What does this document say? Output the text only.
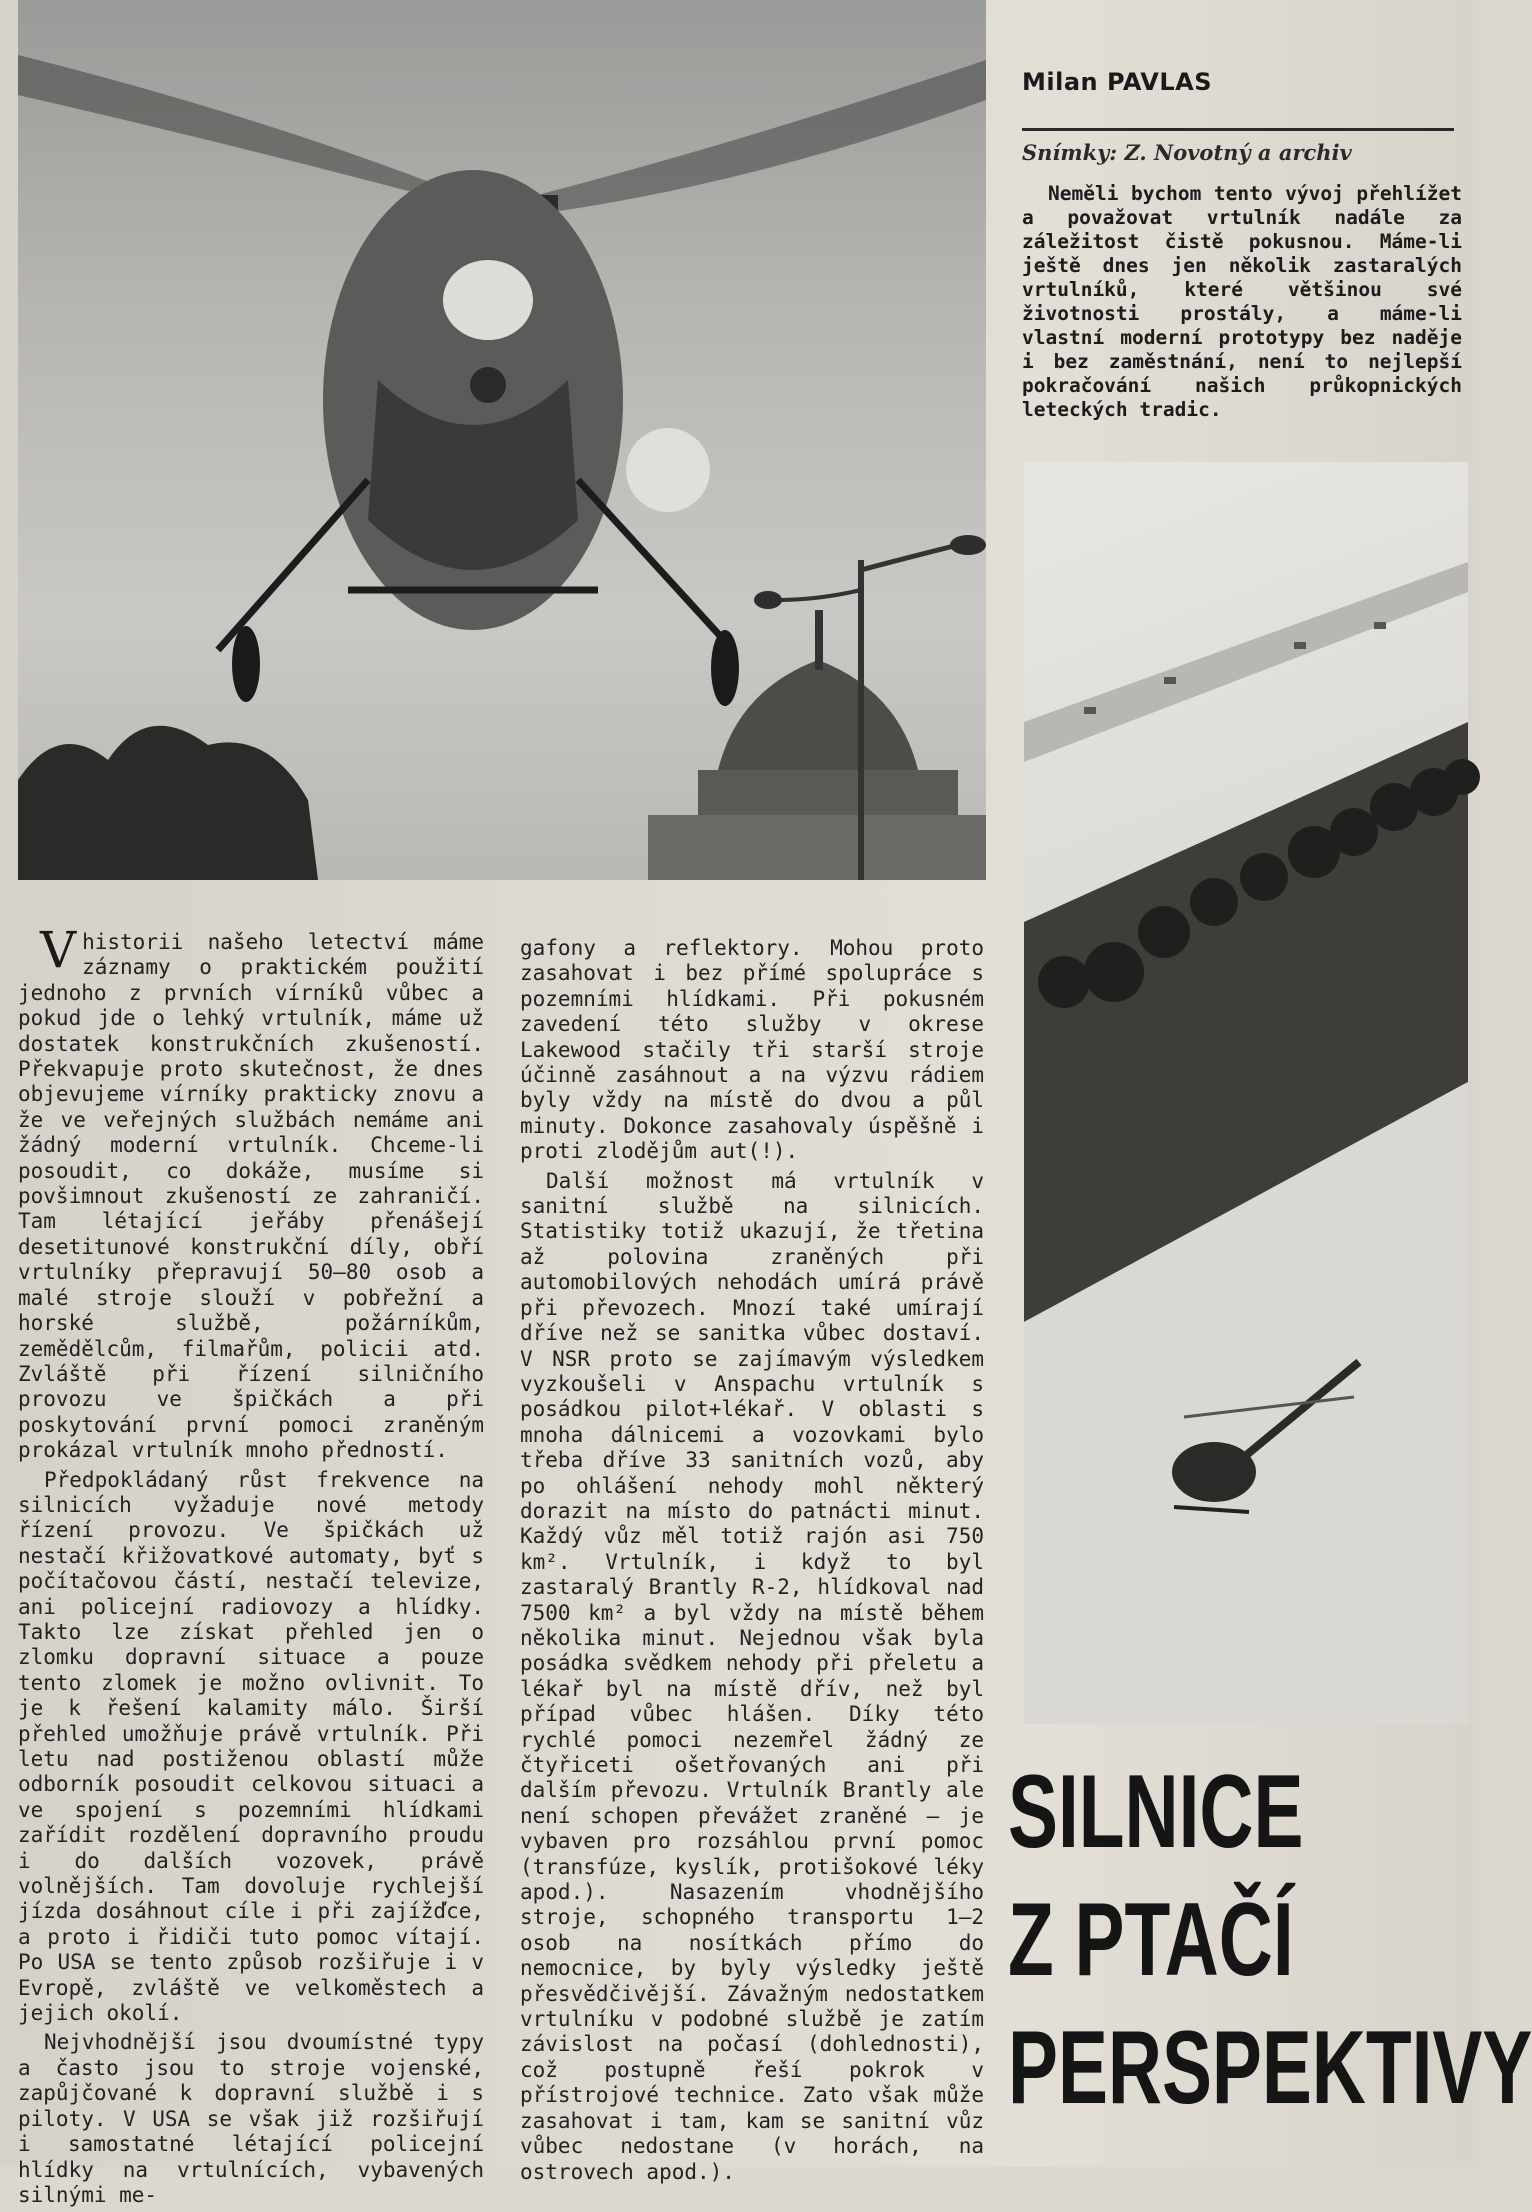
Milan PAVLAS
Snímky: Z. Novotný a archiv
Neměli bychom tento vývoj přehlížet a považovat vrtulník nadále za záležitost čistě pokusnou. Máme-li ještě dnes jen několik zastaralých vrtulníků, které většinou své životnosti prostály, a máme-li vlastní moderní prototypy bez naděje i bez zaměstnání, není to nejlepší pokračování našich průkopnických leteckých tradic.

Vhistorii našeho letectví máme záznamy o praktickém použití jednoho z prvních vírníků vůbec a pokud jde o lehký vrtulník, máme už dostatek konstrukčních zkušeností. Překvapuje proto skutečnost, že dnes objevujeme vírníky prakticky znovu a že ve veřejných službách nemáme ani žádný moderní vrtulník. Chceme-li posoudit, co dokáže, musíme si povšimnout zkušeností ze zahraničí. Tam létající jeřáby přenášejí desetitunové konstrukční díly, obří vrtulníky přepravují 50—80 osob a malé stroje slouží v pobřežní a horské službě, požárníkům, zemědělcům, filmařům, policii atd. Zvláště při řízení silničního provozu ve špičkách a při poskytování první pomoci zraněným prokázal vrtulník mnoho předností.

Předpokládaný růst frekvence na silnicích vyžaduje nové metody řízení provozu. Ve špičkách už nestačí křižovatkové automaty, byť s počítačovou částí, nestačí televize, ani policejní radiovozy a hlídky. Takto lze získat přehled jen o zlomku dopravní situace a pouze tento zlomek je možno ovlivnit. To je k řešení kalamity málo. Širší přehled umožňuje právě vrtulník. Při letu nad postiženou oblastí může odborník posoudit celkovou situaci a ve spojení s pozemními hlídkami zařídit rozdělení dopravního proudu i do dalších vozovek, právě volnějších. Tam dovoluje rychlejší jízda dosáhnout cíle i při zajížďce, a proto i řidiči tuto pomoc vítají. Po USA se tento způsob rozšiřuje i v Evropě, zvláště ve velkoměstech a jejich okolí.

Nejvhodnější jsou dvoumístné typy a často jsou to stroje vojenské, zapůjčované k dopravní službě i s piloty. V USA se však již rozšiřují i samostatné létající policejní hlídky na vrtulnících, vybavených silnými me-

gafony a reflektory. Mohou proto zasahovat i bez přímé spolupráce s pozemními hlídkami. Při pokusném zavedení této služby v okrese Lakewood stačily tři starší stroje účinně zasáhnout a na výzvu rádiem byly vždy na místě do dvou a půl minuty. Dokonce zasahovaly úspěšně i proti zlodějům aut(!).

Další možnost má vrtulník v sanitní službě na silnicích. Statistiky totiž ukazují, že třetina až polovina zraněných při automobilových nehodách umírá právě při převozech. Mnozí také umírají dříve než se sanitka vůbec dostaví. V NSR proto se zajímavým výsledkem vyzkoušeli v Anspachu vrtulník s posádkou pilot+lékař. V oblasti s mnoha dálnicemi a vozovkami bylo třeba dříve 33 sanitních vozů, aby po ohlášení nehody mohl některý dorazit na místo do patnácti minut. Každý vůz měl totiž rajón asi 750 km². Vrtulník, i když to byl zastaralý Brantly R-2, hlídkoval nad 7500 km² a byl vždy na místě během několika minut. Nejednou však byla posádka svědkem nehody při přeletu a lékař byl na místě dřív, než byl případ vůbec hlášen. Díky této rychlé pomoci nezemřel žádný ze čtyřiceti ošetřovaných ani při dalším převozu. Vrtulník Brantly ale není schopen převážet zraněné — je vybaven pro rozsáhlou první pomoc (transfúze, kyslík, protišokové léky apod.). Nasazením vhodnějšího stroje, schopného transportu 1—2 osob na nosítkách přímo do nemocnice, by byly výsledky ještě přesvědčivější. Závažným nedostatkem vrtulníku v podobné službě je zatím závislost na počasí (dohlednosti), což postupně řeší pokrok v přístrojové technice. Zato však může zasahovat i tam, kam se sanitní vůz vůbec nedostane (v horách, na ostrovech apod.).

SILNICE
Z PTAČÍ
PERSPEKTIVY
